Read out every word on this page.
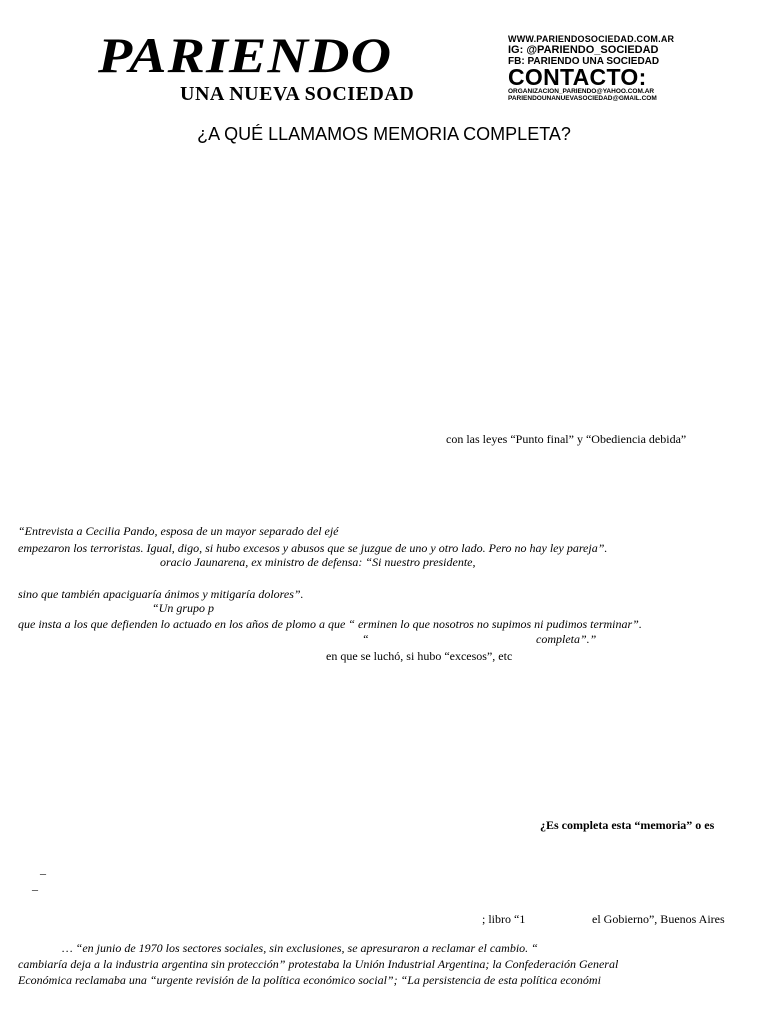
PARIENDO
UNA NUEVA SOCIEDAD
WWW.PARIENDOSOCIEDAD.COM.AR
IG: @PARIENDO_SOCIEDAD
FB: PARIENDO UNA SOCIEDAD
CONTACTO:
ORGANIZACION_PARIENDO@YAHOO.COM.AR
PARIENDOUNANUEVASOCIEDAD@GMAIL.COM
¿A QUÉ LLAMAMOS MEMORIA COMPLETA?
con las leyes “Punto final” y “Obediencia debida”
“Entrevista a Cecilia Pando, esposa de un mayor separado del ejé
empezaron los terroristas. Igual, digo, si hubo excesos y abusos que se juzgue de uno y otro lado. Pero no hay ley pareja”.
oracio Jaunarena, ex ministro de defensa: “Si nuestro presidente,
sino que también apaciguaría ánimos y mitigaría dolores”.
“Un grupo p
que insta a los que defienden lo actuado en los años de plomo a que “ erminen lo que nosotros no supimos ni pudimos terminar”.
“	completa”.”
en que se luchó, si hubo “excesos”, etc
¿Es completa esta “memoria” o es
_
_
; libro “1	el Gobierno”, Buenos Aires
… “en junio de 1970 los sectores sociales, sin exclusiones, se apresuraron a reclamar el cambio. “
cambiaría deja a la industria argentina sin protección” protestaba la Unión Industrial Argentina; la Confederación General
Económica reclamaba una “urgente revisión de la política económico social”; “La persistencia de esta política económi
